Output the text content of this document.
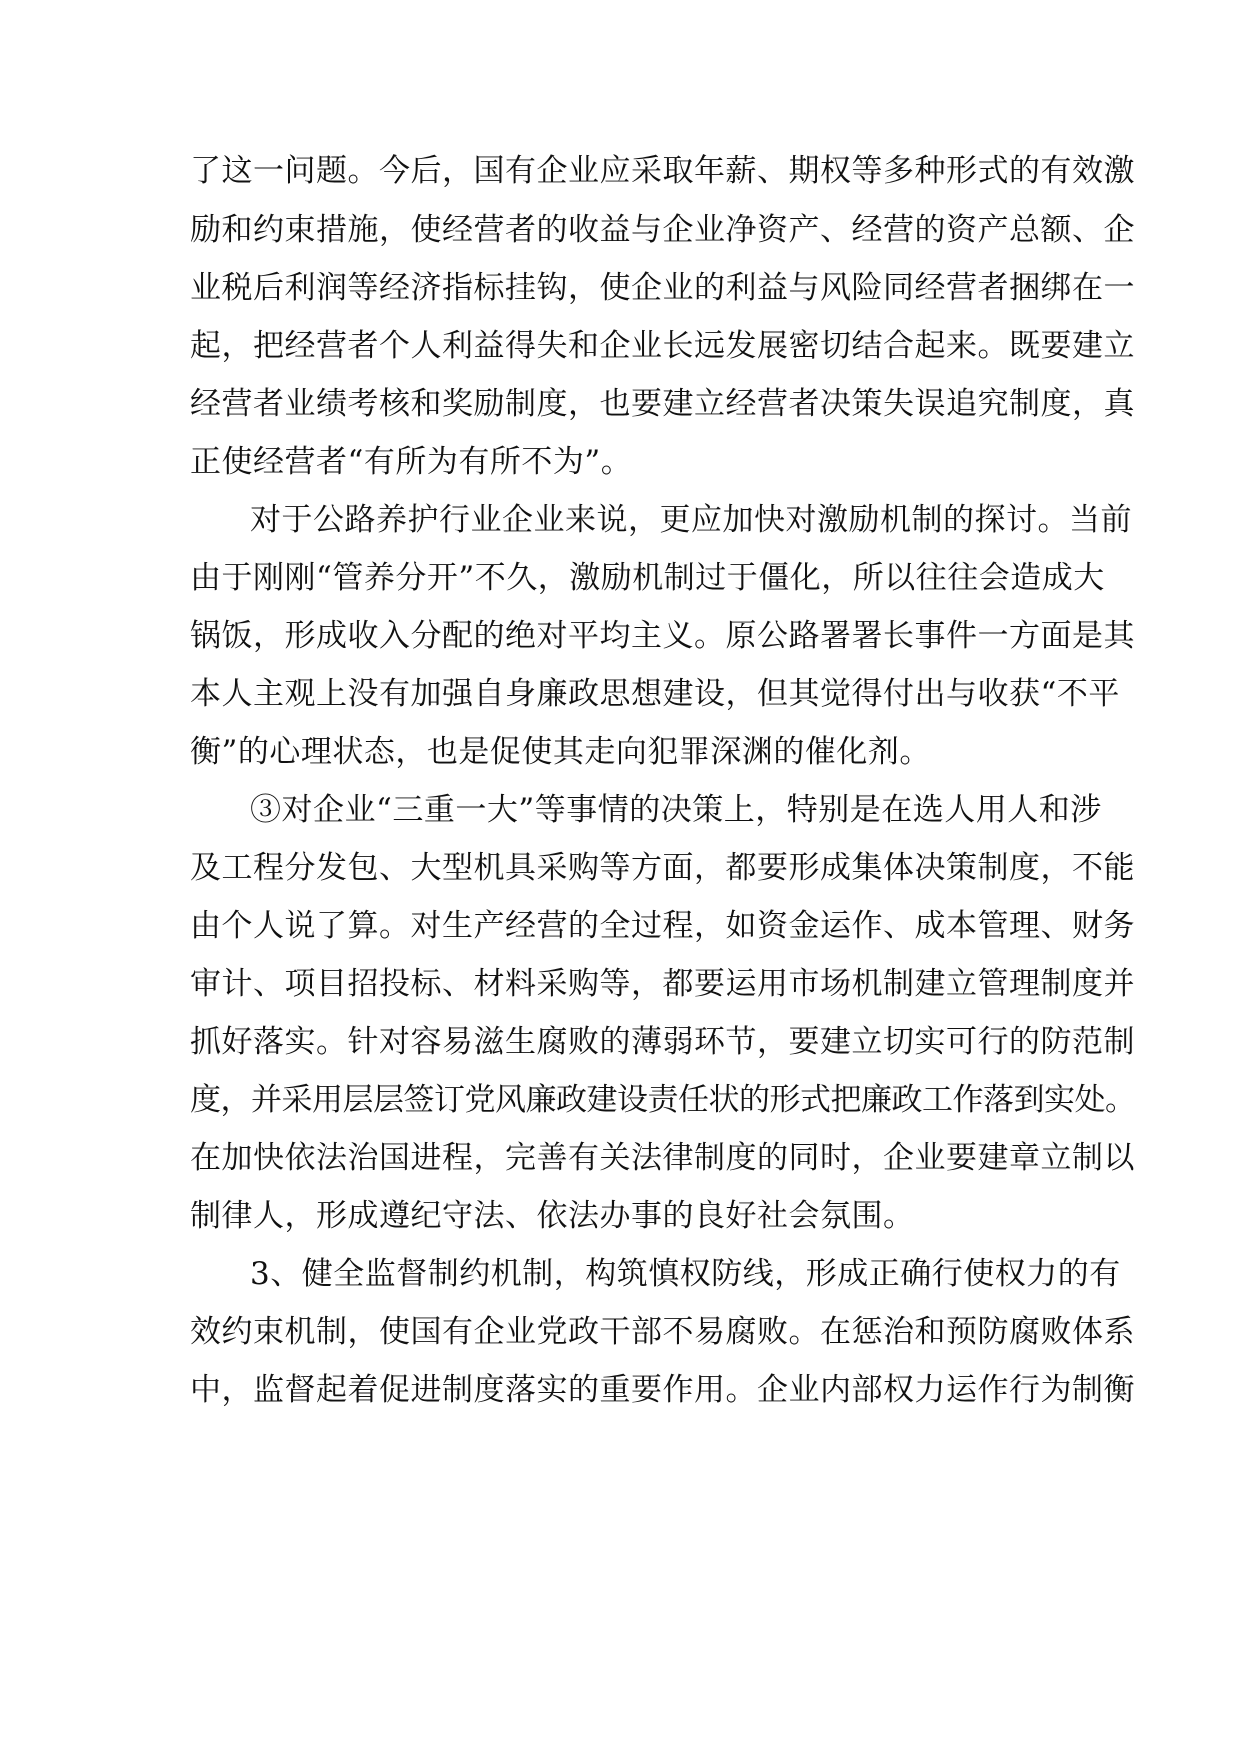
了这一问题。今后，国有企业应采取年薪、期权等多种形式的有效激
励和约束措施，使经营者的收益与企业净资产、经营的资产总额、企
业税后利润等经济指标挂钩，使企业的利益与风险同经营者捆绑在一
起，把经营者个人利益得失和企业长远发展密切结合起来。既要建立
经营者业绩考核和奖励制度，也要建立经营者决策失误追究制度，真
正使经营者“有所为有所不为”。
对于公路养护行业企业来说，更应加快对激励机制的探讨。当前
由于刚刚“管养分开”不久，激励机制过于僵化，所以往往会造成大
锅饭，形成收入分配的绝对平均主义。原公路署署长事件一方面是其
本人主观上没有加强自身廉政思想建设，但其觉得付出与收获“不平
衡”的心理状态，也是促使其走向犯罪深渊的催化剂。
③对企业“三重一大”等事情的决策上，特别是在选人用人和涉
及工程分发包、大型机具采购等方面，都要形成集体决策制度，不能
由个人说了算。对生产经营的全过程，如资金运作、成本管理、财务
审计、项目招投标、材料采购等，都要运用市场机制建立管理制度并
抓好落实。针对容易滋生腐败的薄弱环节，要建立切实可行的防范制
度，并采用层层签订党风廉政建设责任状的形式把廉政工作落到实处。
在加快依法治国进程，完善有关法律制度的同时，企业要建章立制以
制律人，形成遵纪守法、依法办事的良好社会氛围。
3、健全监督制约机制，构筑慎权防线，形成正确行使权力的有
效约束机制，使国有企业党政干部不易腐败。在惩治和预防腐败体系
中，监督起着促进制度落实的重要作用。企业内部权力运作行为制衡
